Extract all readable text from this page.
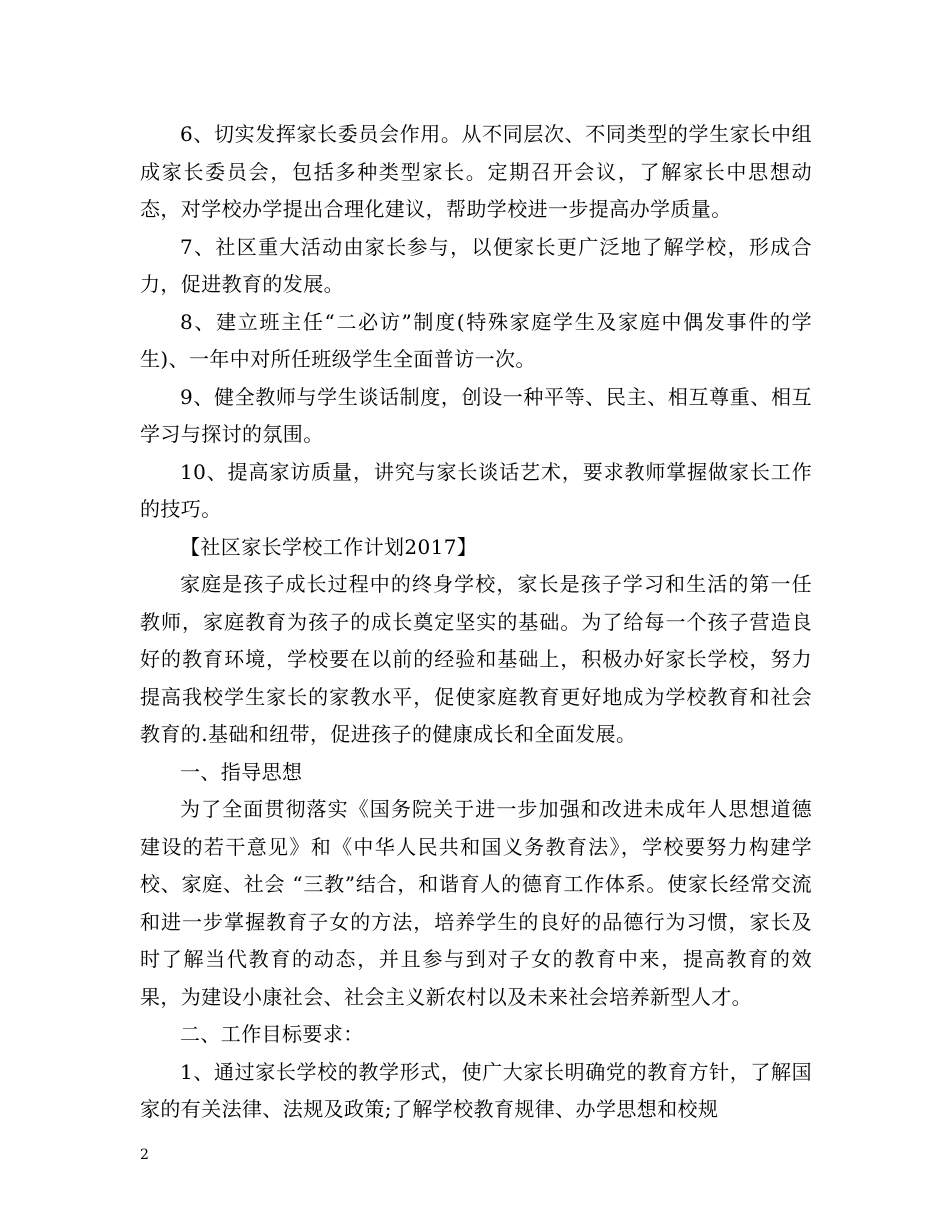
6、切实发挥家长委员会作用。从不同层次、不同类型的学生家长中组成家长委员会，包括多种类型家长。定期召开会议，了解家长中思想动态，对学校办学提出合理化建议，帮助学校进一步提高办学质量。

7、社区重大活动由家长参与，以便家长更广泛地了解学校，形成合力，促进教育的发展。

8、建立班主任“二必访”制度(特殊家庭学生及家庭中偶发事件的学生)、一年中对所任班级学生全面普访一次。

9、健全教师与学生谈话制度，创设一种平等、民主、相互尊重、相互学习与探讨的氛围。

10、提高家访质量，讲究与家长谈话艺术，要求教师掌握做家长工作的技巧。

【社区家长学校工作计划2017】

家庭是孩子成长过程中的终身学校，家长是孩子学习和生活的第一任教师，家庭教育为孩子的成长奠定坚实的基础。为了给每一个孩子营造良好的教育环境，学校要在以前的经验和基础上，积极办好家长学校，努力提高我校学生家长的家教水平，促使家庭教育更好地成为学校教育和社会教育的.基础和纽带，促进孩子的健康成长和全面发展。

一、指导思想

为了全面贯彻落实《国务院关于进一步加强和改进未成年人思想道德建设的若干意见》和《中华人民共和国义务教育法》，学校要努力构建学校、家庭、社会 “三教”结合，和谐育人的德育工作体系。使家长经常交流和进一步掌握教育子女的方法，培养学生的良好的品德行为习惯，家长及时了解当代教育的动态，并且参与到对子女的教育中来，提高教育的效果，为建设小康社会、社会主义新农村以及未来社会培养新型人才。

二、工作目标要求：

1、通过家长学校的教学形式，使广大家长明确党的教育方针，了解国家的有关法律、法规及政策;了解学校教育规律、办学思想和校规

2
